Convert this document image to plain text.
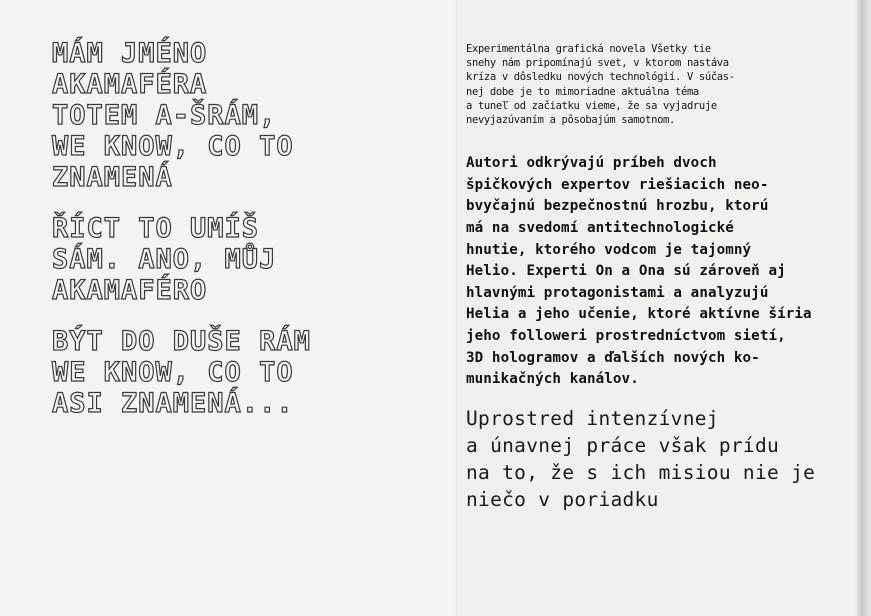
MÁM JMÉNO
AKAMAFÉRA
TOTEM A-ŠRÁM,
WE KNOW, CO TO
ZNAMENÁ
ŘÍCT TO UMÍŠ
SÁM. ANO, MŮJ
AKAMAFÉRO
BÝT DO DUŠE RÁM
WE KNOW, CO TO
ASI ZNAMENÁ...
Experimentálna grafická novela Všetky tie
snehy nám pripomínajú svet, v ktorom nastáva
kríza v dôsledku nových technológií. V súčas-
nej dobe je to mimoriadne aktuálna téma
a tuneľ od začiatku vieme, že sa vyjadruje
nevyjazúvaním a pôsobajúm samotnom.
Autori odkrývajú príbeh dvoch
špičkových expertov riešiacich neo-
bvyčajnú bezpečnostnú hrozbu, ktorú
má na svedomí antitechnologické
hnutie, ktorého vodcom je tajomný
Helio. Experti On a Ona sú zároveň aj
hlavnými protagonistami a analyzujú
Helia a jeho učenie, ktoré aktívne šíria
jeho followeri prostredníctvom sietí,
3D hologramov a ďalších nových ko-
munikačných kanálov.
Uprostred intenzívnej
a únavnej práce však prídu
na to, že s ich misiou nie je
niečo v poriadku
